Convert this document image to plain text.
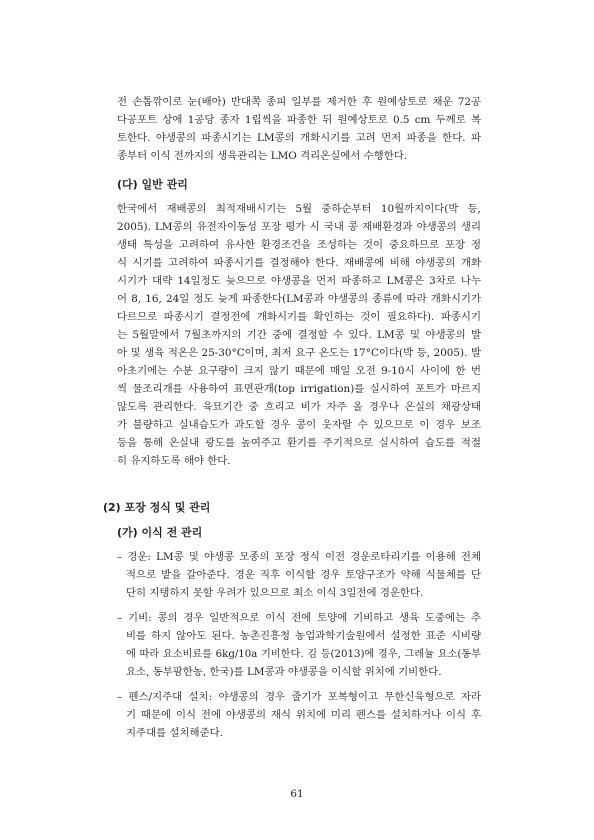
전 손톱깎이로 눈(배아) 반대쪽 종피 일부를 제거한 후 원예상토로 채운 72공
다공포트 상에 1공당 종자 1립씩을 파종한 뒤 원예상토로 0.5 cm 두께로 복
토한다. 야생콩의 파종시기는 LM콩의 개화시기를 고려 먼저 파종을 한다. 파
종부터 이식 전까지의 생육관리는 LMO 격리온실에서 수행한다.
(다) 일반 관리
한국에서 재배콩의 최적재배시기는 5월 중하순부터 10월까지이다(박 등,
2005). LM콩의 유전자이동성 포장 평가 시 국내 콩 재배환경과 야생콩의 생리
생태 특성을 고려하여 유사한 환경조건을 조성하는 것이 중요하므로 포장 정
식 시기를 고려하여 파종시기를 결정해야 한다. 재배콩에 비해 야생콩의 개화
시기가 대략 14일정도 늦으므로 야생콩을 먼저 파종하고 LM콩은 3차로 나누
어 8, 16, 24일 정도 늦게 파종한다(LM콩과 야생콩의 종류에 따라 개화시기가
다르므로 파종시기 결정전에 개화시기를 확인하는 것이 필요하다). 파종시기
는 5월말에서 7월초까지의 기간 중에 결정할 수 있다. LM콩 및 야생콩의 발
아 및 생육 적온은 25-30°C이며, 최저 요구 온도는 17°C이다(박 등, 2005). 발
아초기에는 수분 요구량이 크지 않기 때문에 매일 오전 9-10시 사이에 한 번
씩 물조리개를 사용하여 표면관개(top irrigation)를 실시하여 포트가 마르지
않도록 관리한다. 육묘기간 중 흐리고 비가 자주 올 경우나 온실의 채광상태
가 불량하고 실내습도가 과도할 경우 콩이 웃자랄 수 있으므로 이 경우 보조
등을 통해 온실내 광도를 높여주고 환기를 주기적으로 실시하여 습도를 적절
히 유지하도록 해야 한다.
(2) 포장 정식 및 관리
(가) 이식 전 관리
– 경운: LM콩 및 야생콩 모종의 포장 정식 이전 경운로타리기를 이용해 전체
적으로 밭을 갈아준다. 경운 직후 이식할 경우 토양구조가 약해 식물체를 단
단히 지탱하지 못할 우려가 있으므로 최소 이식 3일전에 경운한다.
– 기비: 콩의 경우 일반적으로 이식 전에 토양에 기비하고 생육 도중에는 추
비를 하지 않아도 된다. 농촌진흥청 농업과학기술원에서 설정한 표준 시비량
에 따라 요소비료를 6kg/10a 기비한다. 김 등(2013)에 경우, 그레뉼 요소(동부
요소, 동부팜한농, 한국)를 LM콩과 야생콩을 이식할 위치에 기비한다.
– 펜스/지주대 설치: 야생콩의 경우 줄기가 포복형이고 무한신육형으로 자라
기 때문에 이식 전에 야생콩의 재식 위치에 미리 펜스를 설치하거나 이식 후
지주대를 설치해준다.
61
